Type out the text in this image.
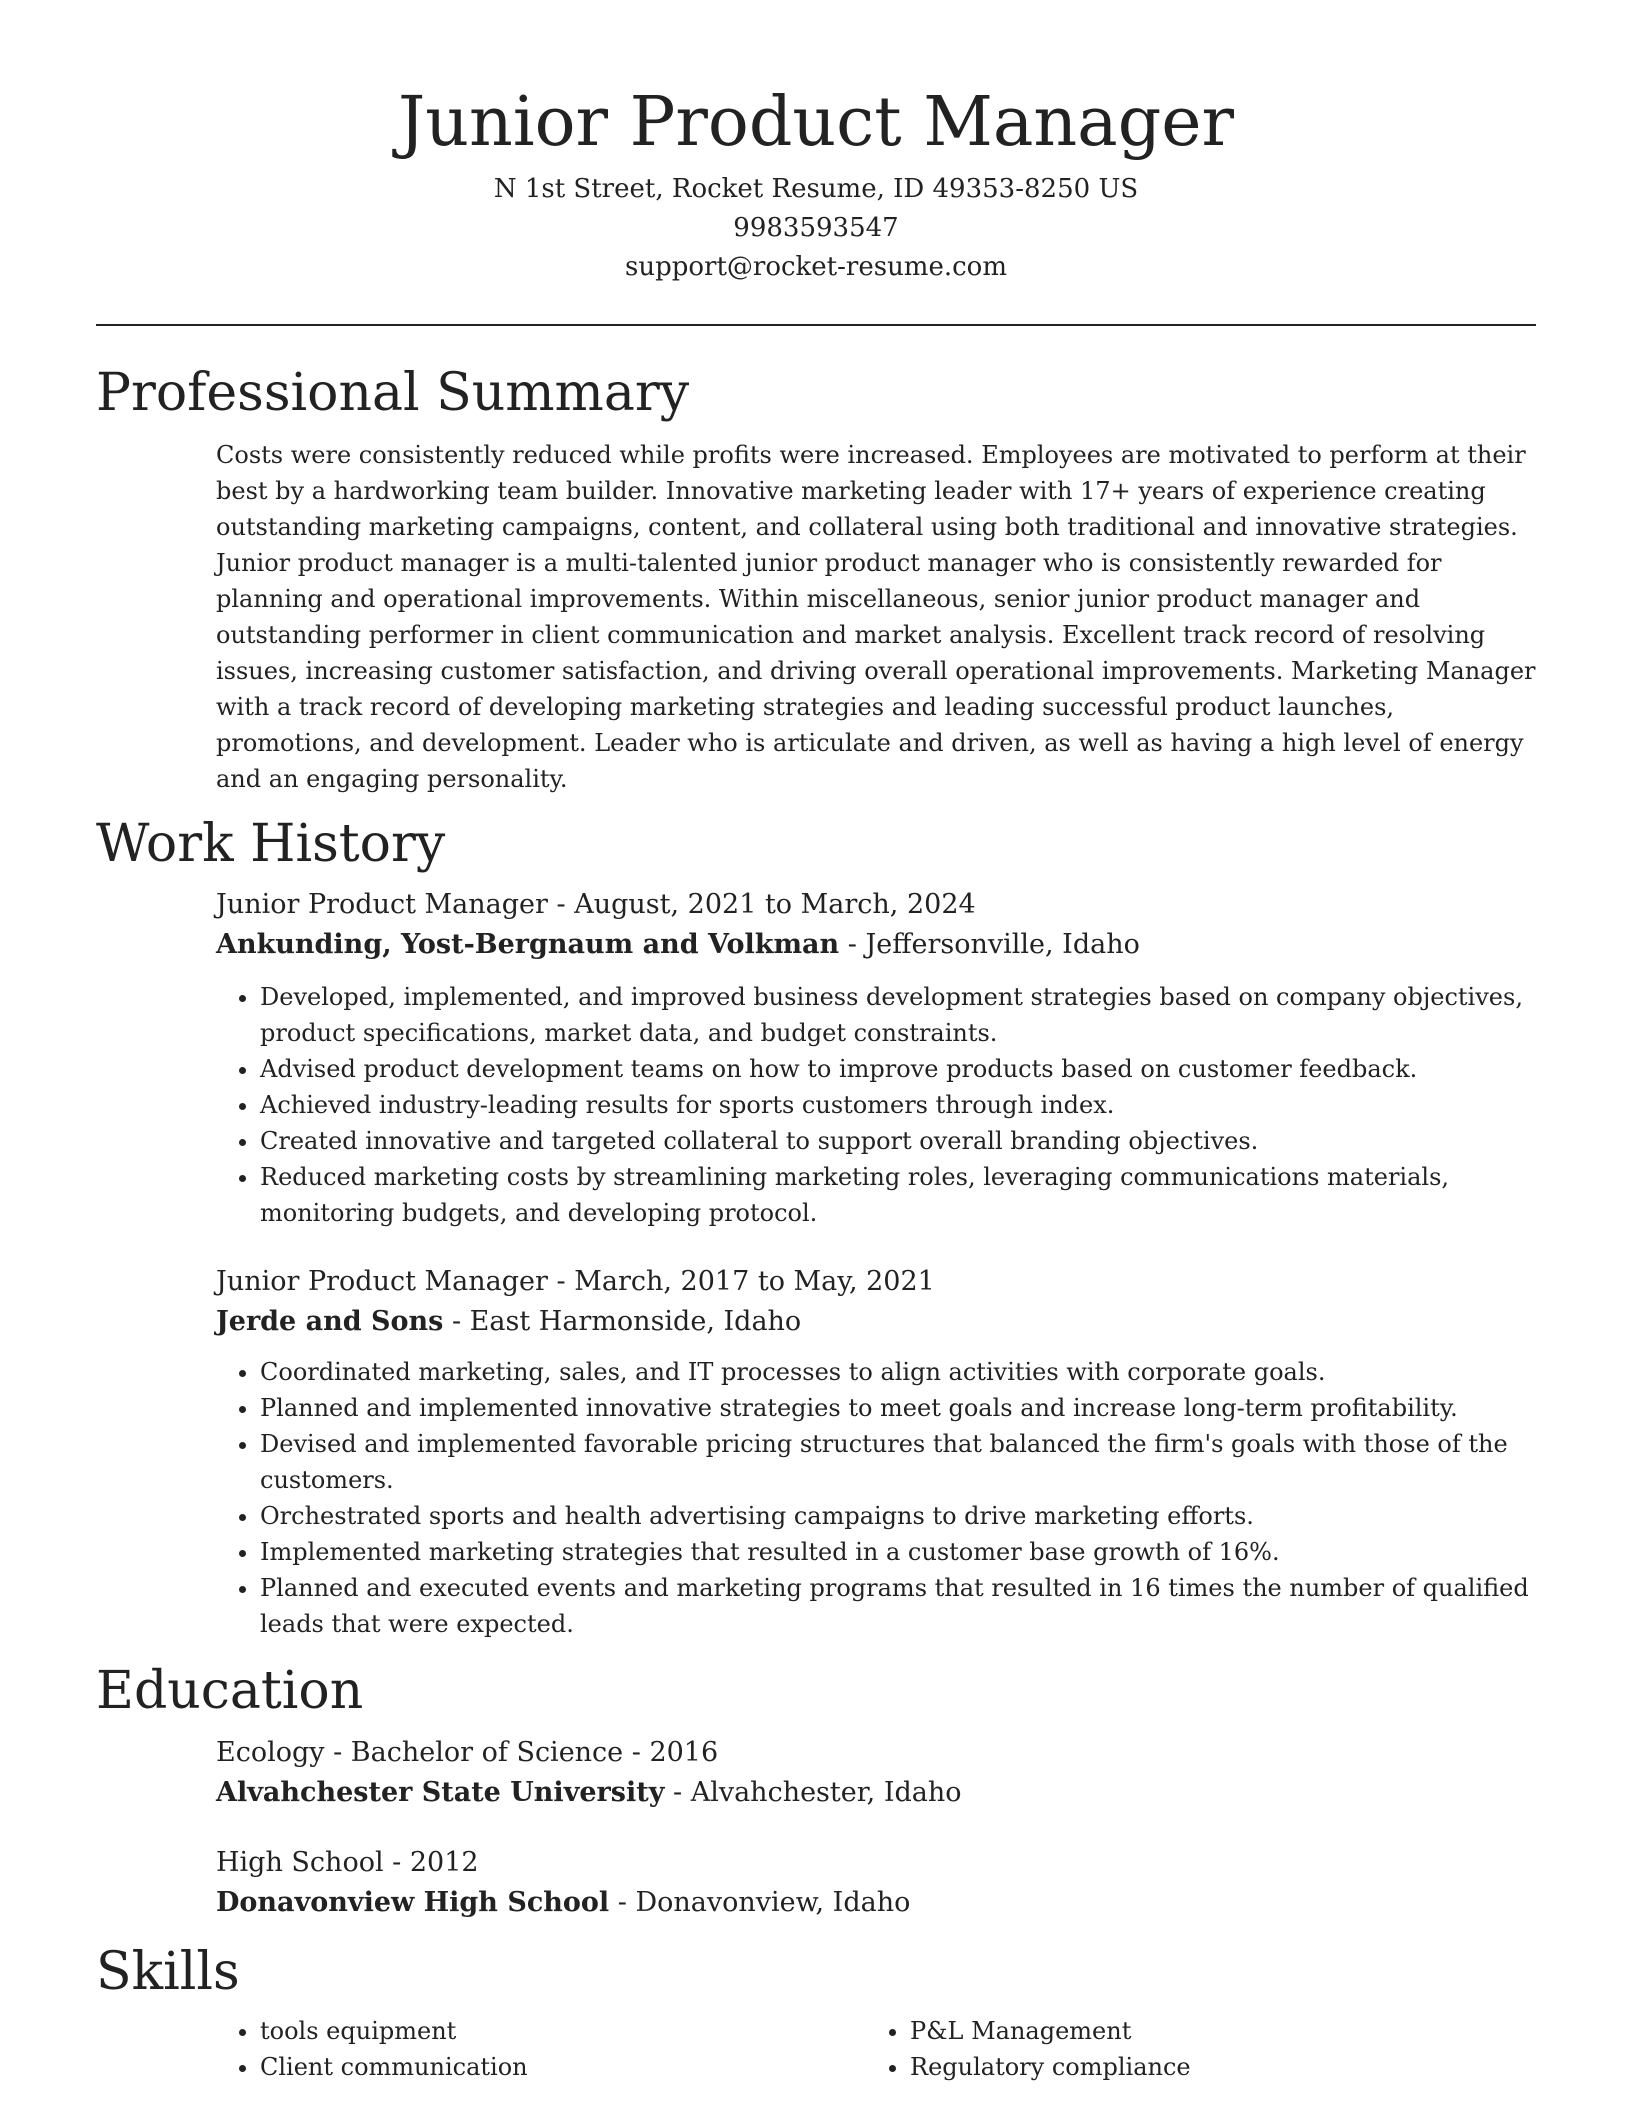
Junior Product Manager
N 1st Street, Rocket Resume, ID 49353-8250 US
9983593547
support@rocket-resume.com
Professional Summary

Costs were consistently reduced while profits were increased. Employees are motivated to perform at their best by a hardworking team builder. Innovative marketing leader with 17+ years of experience creating outstanding marketing campaigns, content, and collateral using both traditional and innovative strategies. Junior product manager is a multi-talented junior product manager who is consistently rewarded for planning and operational improvements. Within miscellaneous, senior junior product manager and outstanding performer in client communication and market analysis. Excellent track record of resolving issues, increasing customer satisfaction, and driving overall operational improvements. Marketing Manager with a track record of developing marketing strategies and leading successful product launches, promotions, and development. Leader who is articulate and driven, as well as having a high level of energy and an engaging personality.

Work History

Junior Product Manager - August, 2021 to March, 2024

Ankunding, Yost-Bergnaum and Volkman - Jeffersonville, Idaho

• Developed, implemented, and improved business development strategies based on company objectives, product specifications, market data, and budget constraints.
• Advised product development teams on how to improve products based on customer feedback.
• Achieved industry-leading results for sports customers through index.
• Created innovative and targeted collateral to support overall branding objectives.
• Reduced marketing costs by streamlining marketing roles, leveraging communications materials, monitoring budgets, and developing protocol.

Junior Product Manager - March, 2017 to May, 2021

Jerde and Sons - East Harmonside, Idaho

• Coordinated marketing, sales, and IT processes to align activities with corporate goals.
• Planned and implemented innovative strategies to meet goals and increase long-term profitability.
• Devised and implemented favorable pricing structures that balanced the firm's goals with those of the customers.
• Orchestrated sports and health advertising campaigns to drive marketing efforts.
• Implemented marketing strategies that resulted in a customer base growth of 16%.
• Planned and executed events and marketing programs that resulted in 16 times the number of qualified leads that were expected.
Education

Ecology - Bachelor of Science - 2016

Alvahchester State University - Alvahchester, Idaho

High School - 2012

Donavonview High School - Donavonview, Idaho

Skills
• tools equipment
• Client communication
• P&L Management
• Regulatory compliance
